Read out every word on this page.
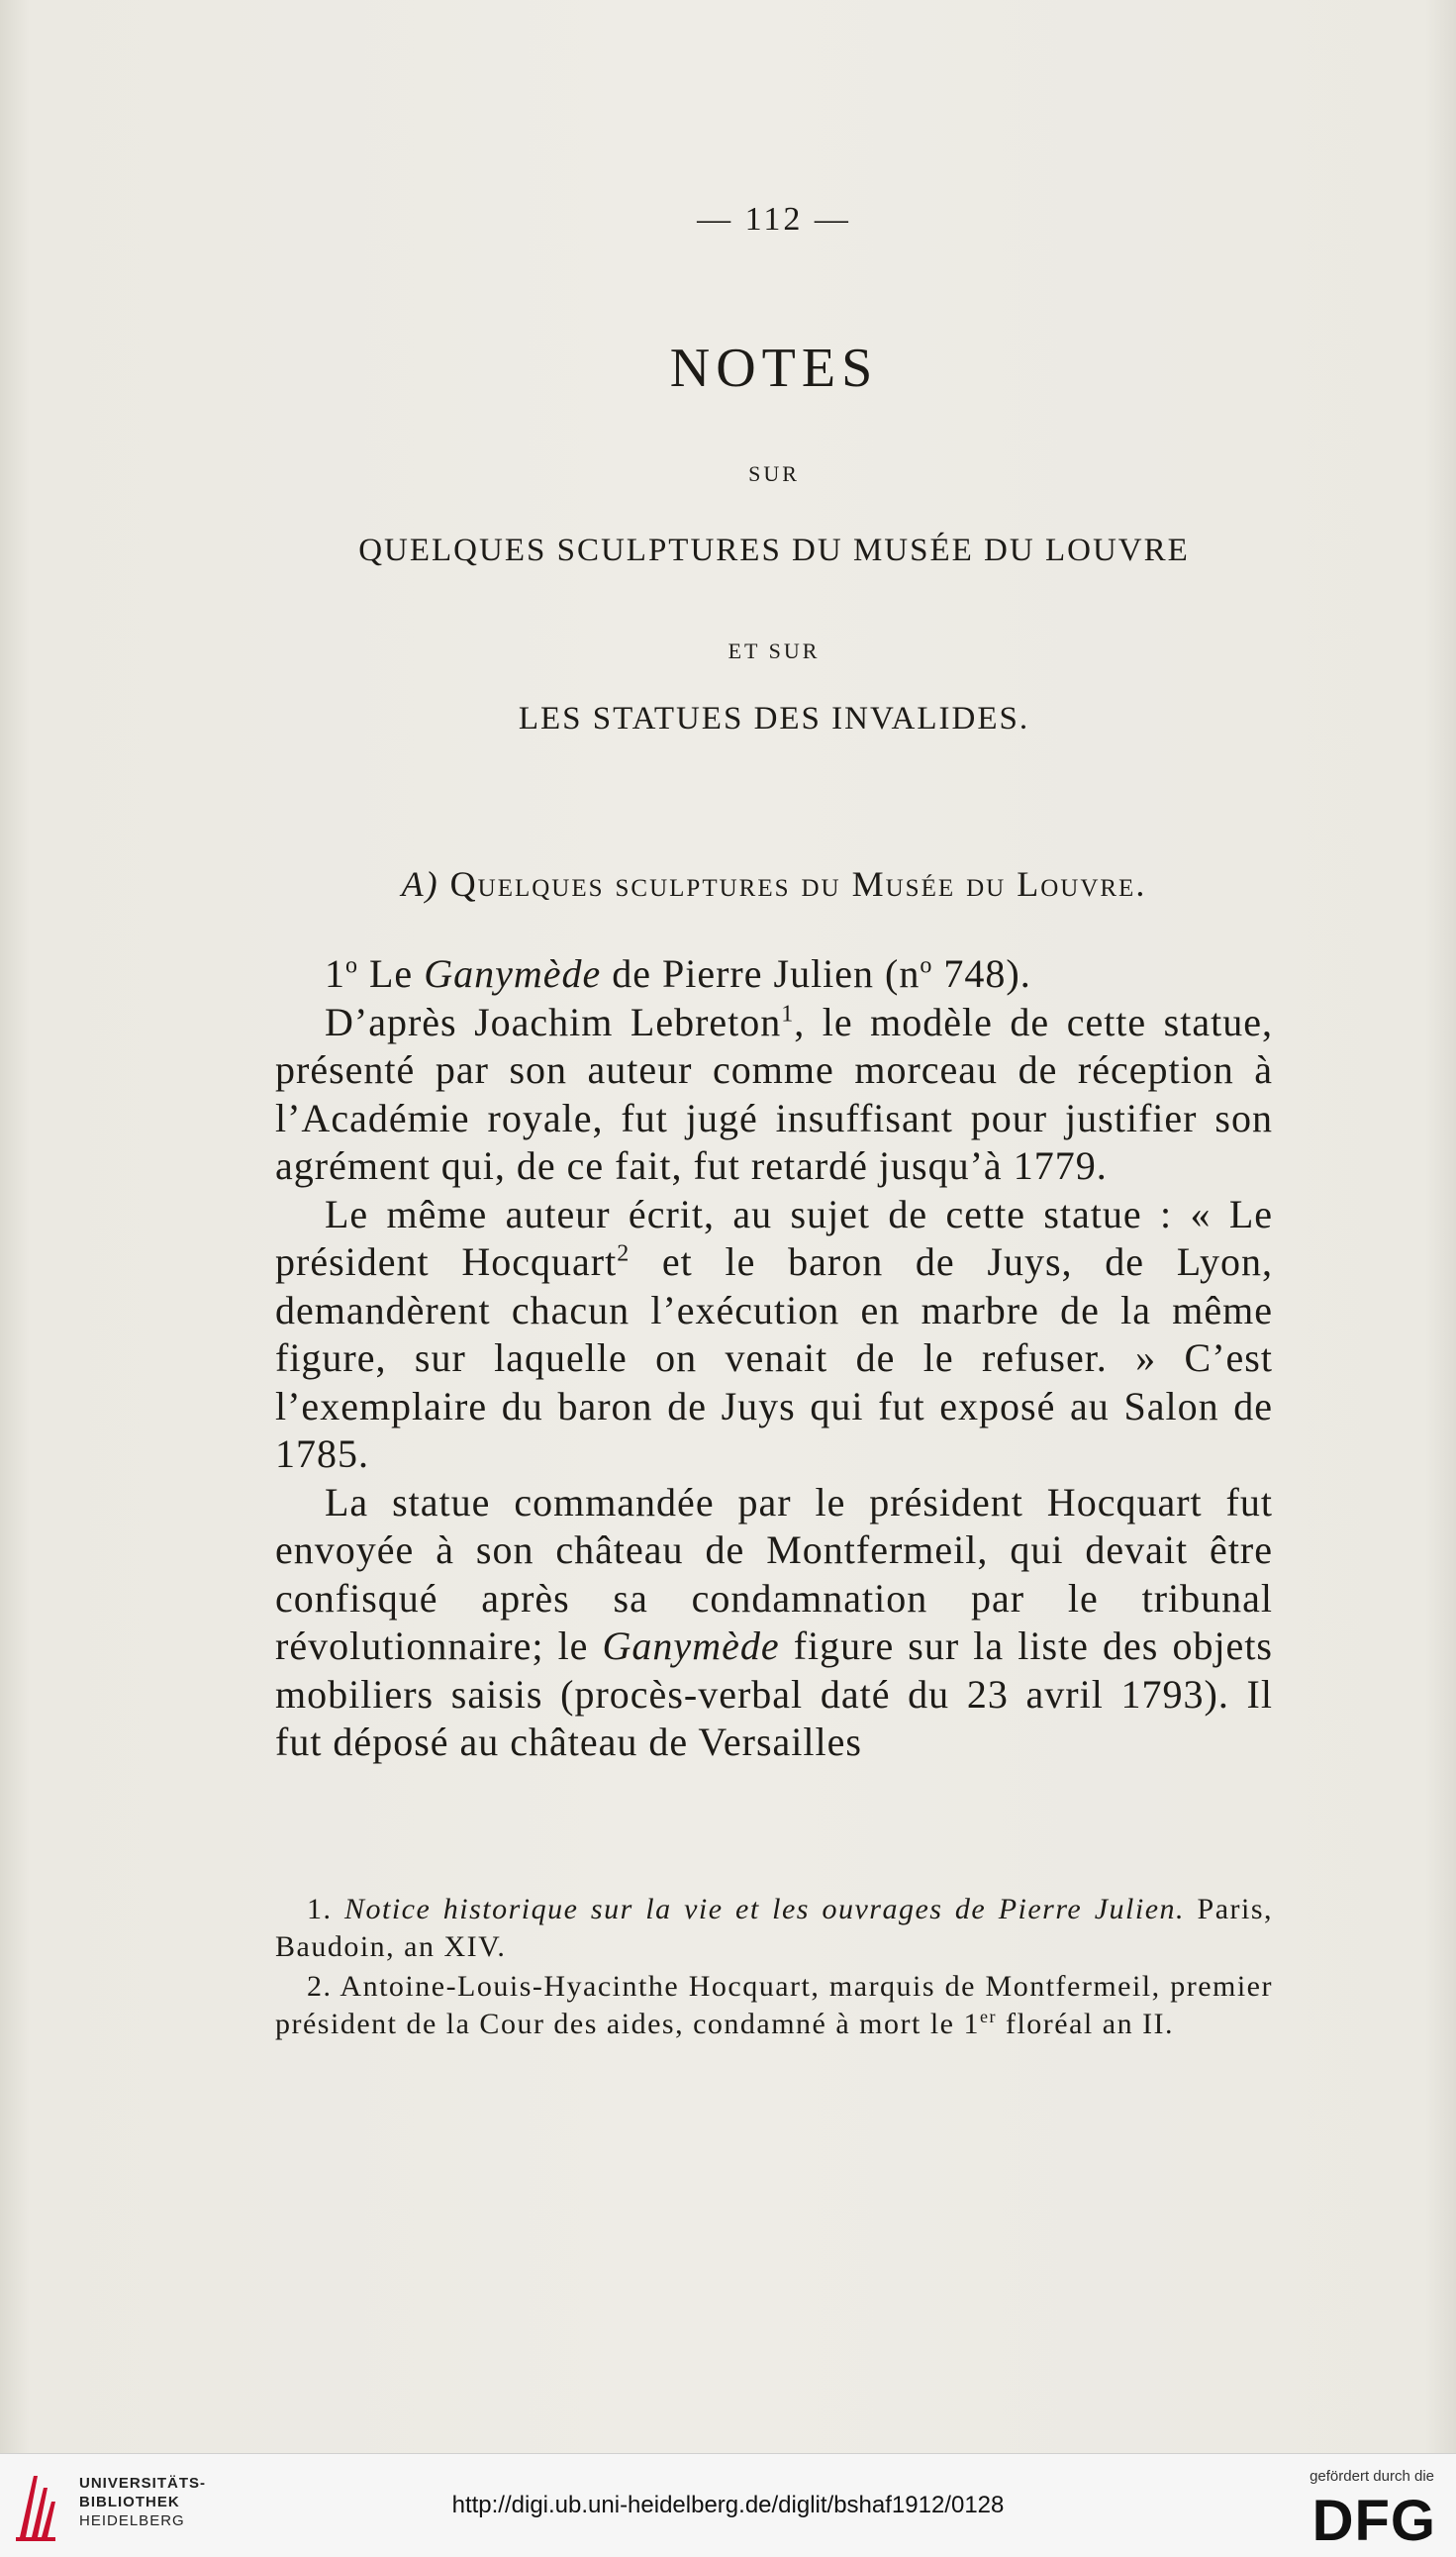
— 112 —
NOTES
SUR
QUELQUES SCULPTURES DU MUSÉE DU LOUVRE
ET SUR
LES STATUES DES INVALIDES.
A) Quelques sculptures du Musée du Louvre.

1$^o$ Le Ganymède de Pierre Julien ($n^o$ 748).

D’après Joachim Lebreton$^1$, le modèle de cette statue, présenté par son auteur comme morceau de réception à l’Académie royale, fut jugé insuffisant pour justifier son agrément qui, de ce fait, fut retardé jusqu’à 1779.

Le même auteur écrit, au sujet de cette statue : « Le président Hocquart$^2$ et le baron de Juys, de Lyon, demandèrent chacun l’exécution en marbre de la même figure, sur laquelle on venait de le refuser. » C’est l’exemplaire du baron de Juys qui fut exposé au Salon de 1785.

La statue commandée par le président Hocquart fut envoyée à son château de Montfermeil, qui devait être confisqué après sa condamnation par le tribunal révolutionnaire; le Ganymède figure sur la liste des objets mobiliers saisis (procès-verbal daté du 23 avril 1793). Il fut déposé au château de Versailles

1. Notice historique sur la vie et les ouvrages de Pierre Julien. Paris, Baudoin, an XIV.

2. Antoine-Louis-Hyacinthe Hocquart, marquis de Montfermeil, premier président de la Cour des aides, condamné à mort le 1er floréal an II.

UNIVERSITÄTS-
BIBLIOTHEK
HEIDELBERG
http://digi.ub.uni-heidelberg.de/diglit/bshaf1912/0128
gefördert durch die
DFG
